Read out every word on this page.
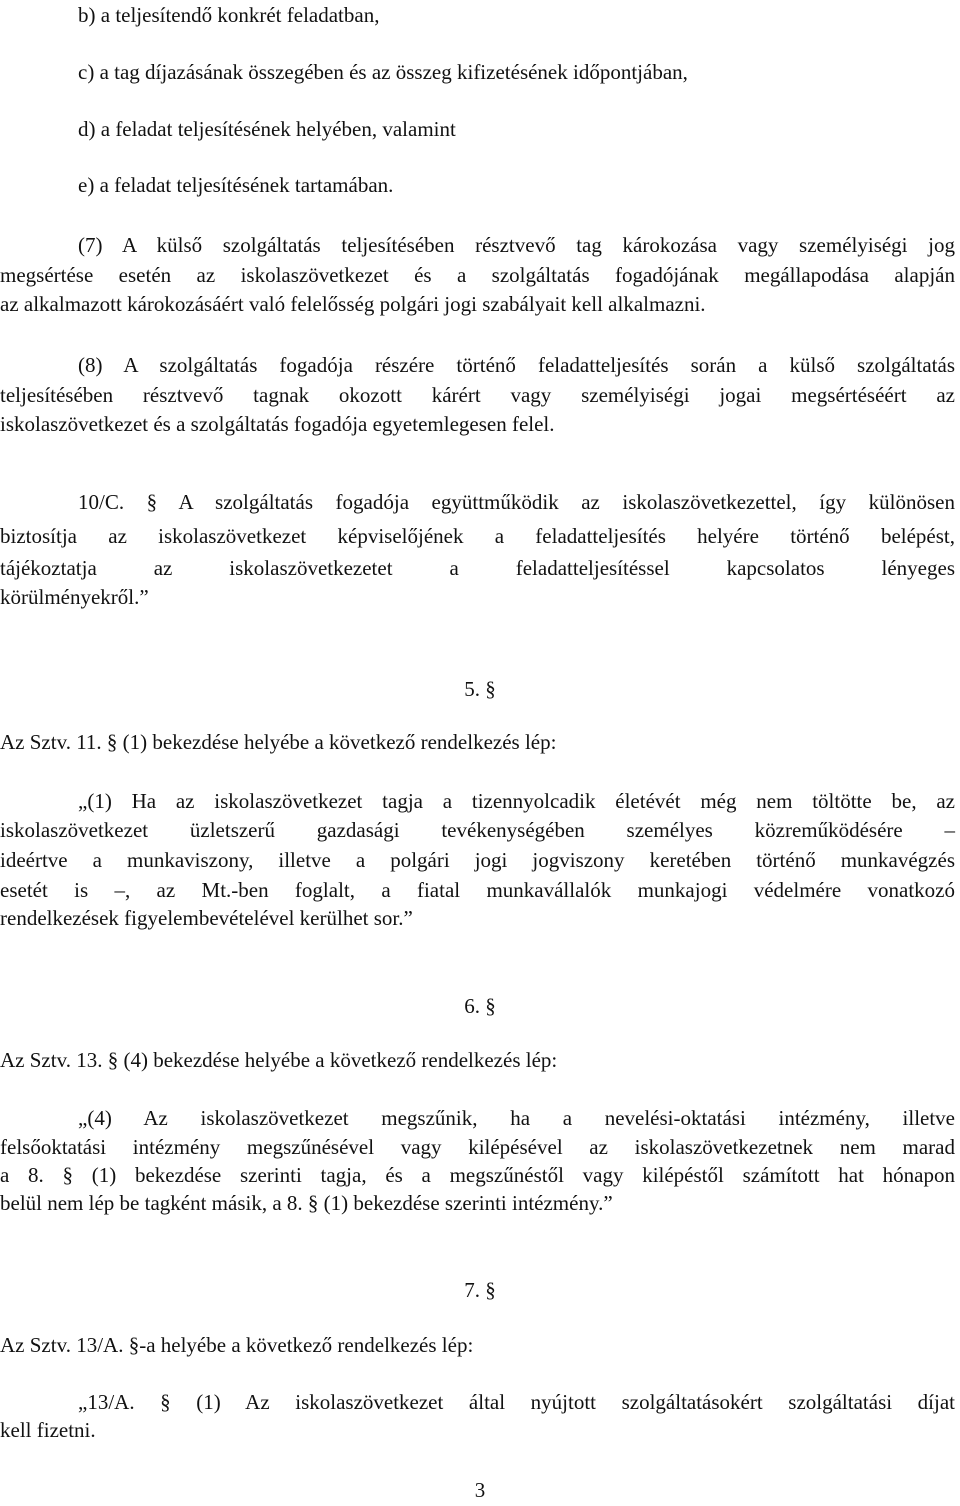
b) a teljesítendő konkrét feladatban,
c) a tag díjazásának összegében és az összeg kifizetésének időpontjában,
d) a feladat teljesítésének helyében, valamint
e) a feladat teljesítésének tartamában.
(7) A külső szolgáltatás teljesítésében résztvevő tag károkozása vagy személyiségi jog
megsértése esetén az iskolaszövetkezet és a szolgáltatás fogadójának megállapodása alapján
az alkalmazott károkozásáért való felelősség polgári jogi szabályait kell alkalmazni.
(8) A szolgáltatás fogadója részére történő feladatteljesítés során a külső szolgáltatás
teljesítésében résztvevő tagnak okozott kárért vagy személyiségi jogai megsértéséért az
iskolaszövetkezet és a szolgáltatás fogadója egyetemlegesen felel.
10/C. § A szolgáltatás fogadója együttműködik az iskolaszövetkezettel, így különösen
biztosítja az iskolaszövetkezet képviselőjének a feladatteljesítés helyére történő belépést,
tájékoztatja az iskolaszövetkezetet a feladatteljesítéssel kapcsolatos lényeges
körülményekről.”
5. §
Az Sztv. 11. § (1) bekezdése helyébe a következő rendelkezés lép:
„(1) Ha az iskolaszövetkezet tagja a tizennyolcadik életévét még nem töltötte be, az
iskolaszövetkezet üzletszerű gazdasági tevékenységében személyes közreműködésére –
ideértve a munkaviszony, illetve a polgári jogi jogviszony keretében történő munkavégzés
esetét is –, az Mt.-ben foglalt, a fiatal munkavállalók munkajogi védelmére vonatkozó
rendelkezések figyelembevételével kerülhet sor.”
6. §
Az Sztv. 13. § (4) bekezdése helyébe a következő rendelkezés lép:
„(4) Az iskolaszövetkezet megszűnik, ha a nevelési-oktatási intézmény, illetve
felsőoktatási intézmény megszűnésével vagy kilépésével az iskolaszövetkezetnek nem marad
a 8. § (1) bekezdése szerinti tagja, és a megszűnéstől vagy kilépéstől számított hat hónapon
belül nem lép be tagként másik, a 8. § (1) bekezdése szerinti intézmény.”
7. §
Az Sztv. 13/A. §-a helyébe a következő rendelkezés lép:
„13/A. § (1) Az iskolaszövetkezet által nyújtott szolgáltatásokért szolgáltatási díjat
kell fizetni.
3
